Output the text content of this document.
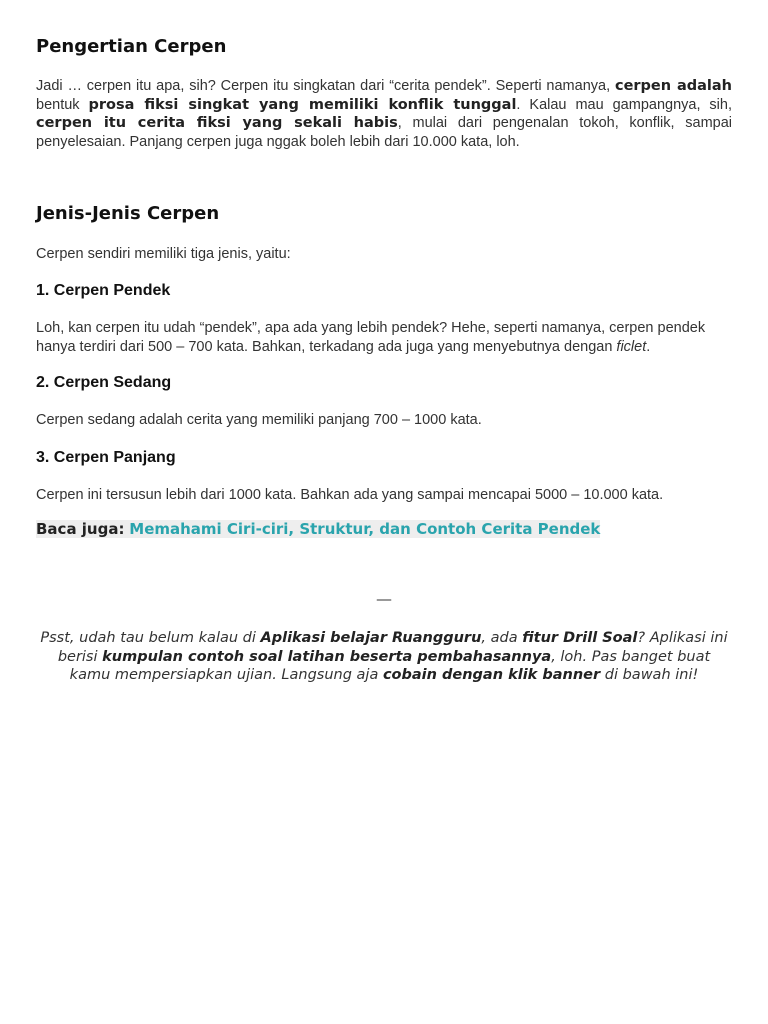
Pengertian Cerpen

Jadi … cerpen itu apa, sih? Cerpen itu singkatan dari “cerita pendek”. Seperti namanya, cerpen adalah bentuk prosa fiksi singkat yang memiliki konflik tunggal. Kalau mau gampangnya, sih, cerpen itu cerita fiksi yang sekali habis, mulai dari pengenalan tokoh, konflik, sampai penyelesaian. Panjang cerpen juga nggak boleh lebih dari 10.000 kata, loh.

Jenis-Jenis Cerpen

Cerpen sendiri memiliki tiga jenis, yaitu:

1. Cerpen Pendek

Loh, kan cerpen itu udah “pendek”, apa ada yang lebih pendek? Hehe, seperti namanya, cerpen pendek hanya terdiri dari 500 – 700 kata. Bahkan, terkadang ada juga yang menyebutnya dengan ficlet.

2. Cerpen Sedang

Cerpen sedang adalah cerita yang memiliki panjang 700 – 1000 kata.

3. Cerpen Panjang

Cerpen ini tersusun lebih dari 1000 kata. Bahkan ada yang sampai mencapai 5000 – 10.000 kata.

Baca juga: Memahami Ciri-ciri, Struktur, dan Contoh Cerita Pendek

—

Psst, udah tau belum kalau di Aplikasi belajar Ruangguru, ada fitur Drill Soal? Aplikasi ini berisi kumpulan contoh soal latihan beserta pembahasannya, loh. Pas banget buat kamu mempersiapkan ujian. Langsung aja cobain dengan klik banner di bawah ini!
